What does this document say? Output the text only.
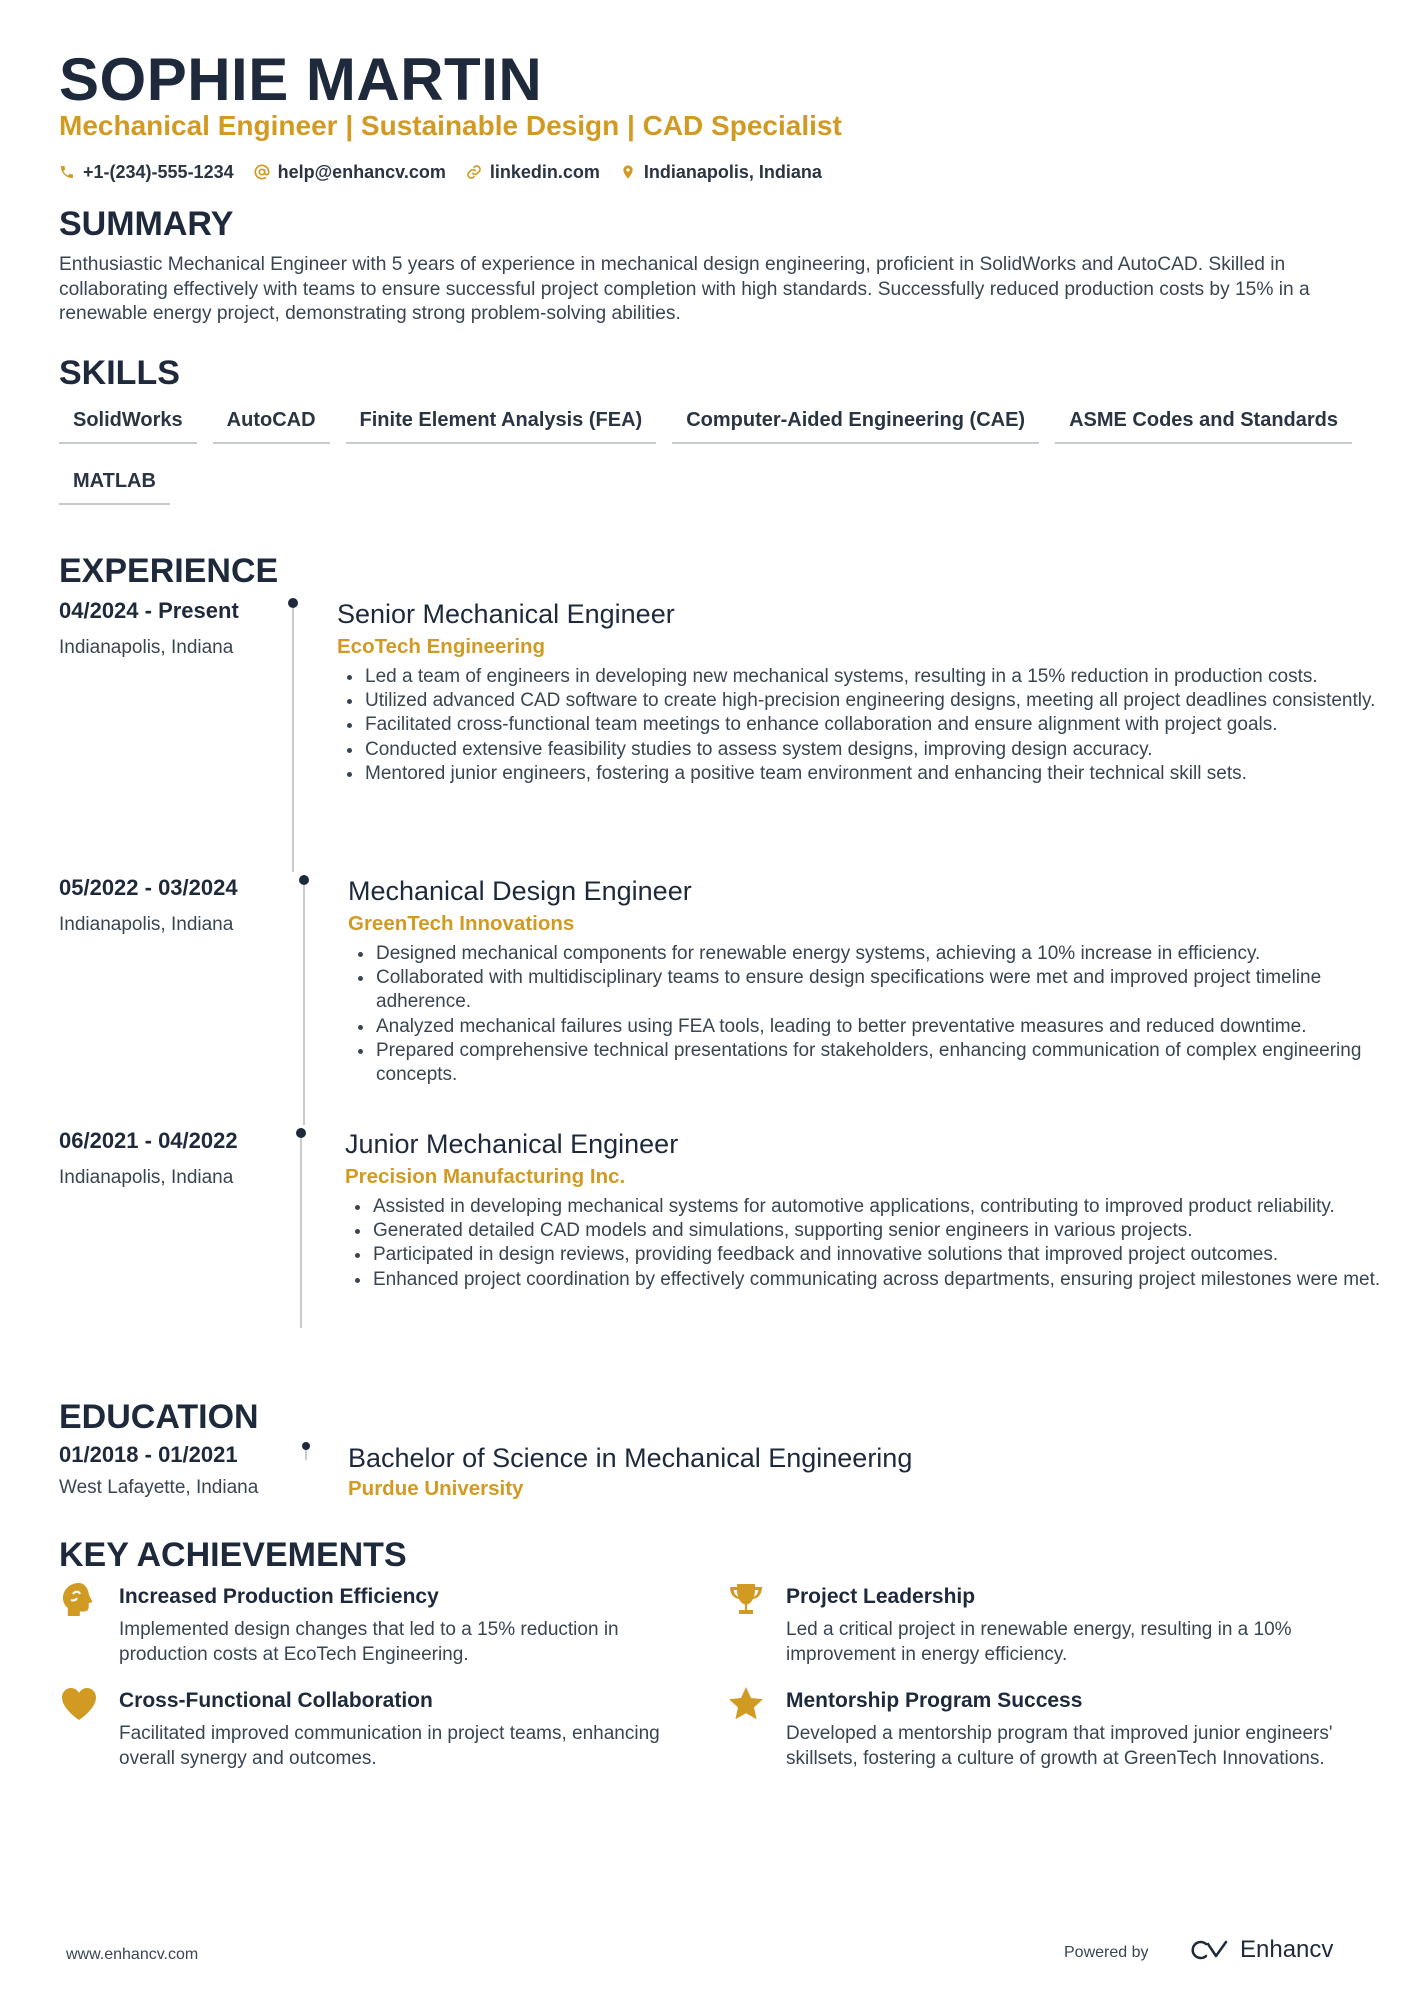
SOPHIE MARTIN
Mechanical Engineer | Sustainable Design | CAD Specialist
+1-(234)-555-1234 help@enhancv.com linkedin.com Indianapolis, Indiana
SUMMARY

Enthusiastic Mechanical Engineer with 5 years of experience in mechanical design engineering, proficient in SolidWorks and AutoCAD. Skilled in collaborating effectively with teams to ensure successful project completion with high standards. Successfully reduced production costs by 15% in a renewable energy project, demonstrating strong problem-solving abilities.

SKILLS
SolidWorks	AutoCAD	Finite Element Analysis (FEA)	Computer-Aided Engineering (CAE)	ASME Codes and Standards
MATLAB
EXPERIENCE
04/2024 - Present
Indianapolis, Indiana
Senior Mechanical Engineer
EcoTech Engineering
Led a team of engineers in developing new mechanical systems, resulting in a 15% reduction in production costs.
Utilized advanced CAD software to create high-precision engineering designs, meeting all project deadlines consistently.
Facilitated cross-functional team meetings to enhance collaboration and ensure alignment with project goals.
Conducted extensive feasibility studies to assess system designs, improving design accuracy.
Mentored junior engineers, fostering a positive team environment and enhancing their technical skill sets.
05/2022 - 03/2024
Indianapolis, Indiana
Mechanical Design Engineer
GreenTech Innovations
Designed mechanical components for renewable energy systems, achieving a 10% increase in efficiency.
Collaborated with multidisciplinary teams to ensure design specifications were met and improved project timeline adherence.
Analyzed mechanical failures using FEA tools, leading to better preventative measures and reduced downtime.
Prepared comprehensive technical presentations for stakeholders, enhancing communication of complex engineering concepts.
06/2021 - 04/2022
Indianapolis, Indiana
Junior Mechanical Engineer
Precision Manufacturing Inc.
Assisted in developing mechanical systems for automotive applications, contributing to improved product reliability.
Generated detailed CAD models and simulations, supporting senior engineers in various projects.
Participated in design reviews, providing feedback and innovative solutions that improved project outcomes.
Enhanced project coordination by effectively communicating across departments, ensuring project milestones were met.
EDUCATION
01/2018 - 01/2021
West Lafayette, Indiana
Bachelor of Science in Mechanical Engineering
Purdue University
KEY ACHIEVEMENTS
Increased Production Efficiency
Implemented design changes that led to a 15% reduction in production costs at EcoTech Engineering.
Project Leadership
Led a critical project in renewable energy, resulting in a 10% improvement in energy efficiency.
Cross-Functional Collaboration
Facilitated improved communication in project teams, enhancing overall synergy and outcomes.
Mentorship Program Success
Developed a mentorship program that improved junior engineers' skillsets, fostering a culture of growth at GreenTech Innovations.
www.enhancv.com	Powered by	Enhancv
